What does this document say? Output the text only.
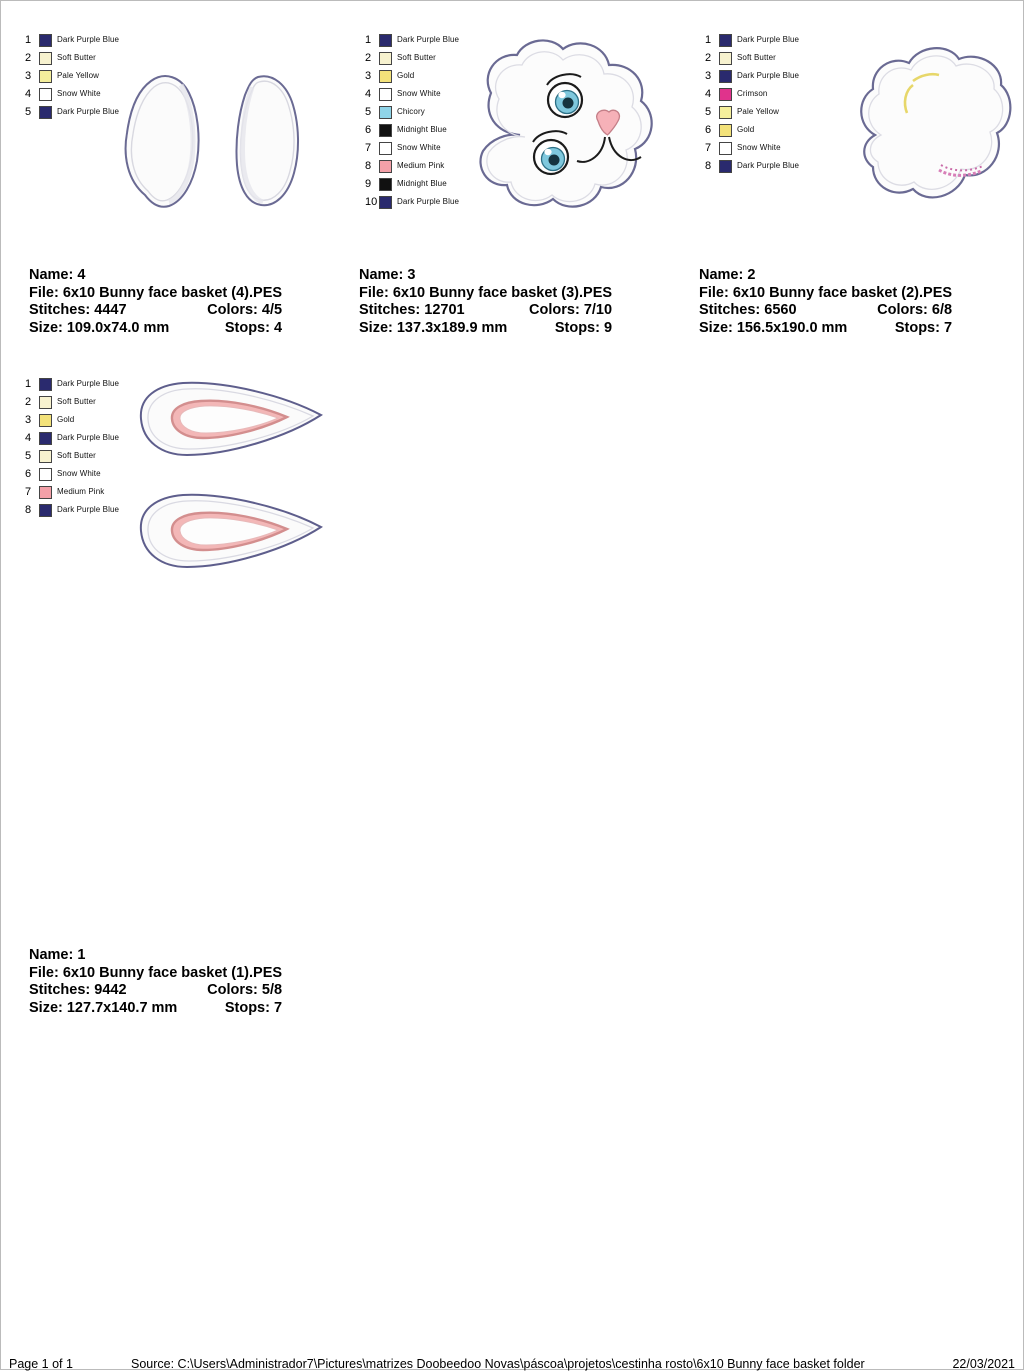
1	Dark Purple Blue
2	Soft Butter
3	Pale Yellow
4	Snow White
5	Dark Purple Blue
Name: 4
File: 6x10 Bunny face basket (4).PES
Stitches: 4447	Colors: 4/5
Size: 109.0x74.0 mm	Stops: 4
1	Dark Purple Blue
2	Soft Butter
3	Gold
4	Snow White
5	Chicory
6	Midnight Blue
7	Snow White
8	Medium Pink
9	Midnight Blue
10 Dark Purple Blue
Name: 3
File: 6x10 Bunny face basket (3).PES
Stitches: 12701	Colors: 7/10
Size: 137.3x189.9 mm	Stops: 9
1	Dark Purple Blue
2	Soft Butter
3	Dark Purple Blue
4	Crimson
5	Pale Yellow
6	Gold
7	Snow White
8	Dark Purple Blue
Name: 2
File: 6x10 Bunny face basket (2).PES
Stitches: 6560	Colors: 6/8
Size: 156.5x190.0 mm	Stops: 7
1	Dark Purple Blue
2	Soft Butter
3	Gold
4	Dark Purple Blue
5	Soft Butter
6	Snow White
7	Medium Pink
8	Dark Purple Blue
Name: 1
File: 6x10 Bunny face basket (1).PES
Stitches: 9442	Colors: 5/8
Size: 127.7x140.7 mm	Stops: 7
Page 1 of 1	Source: C:\Users\Administrador7\Pictures\matrizes Doobeedoo Novas\páscoa\projetos\cestinha rosto\6x10 Bunny face basket folder	22/03/2021
